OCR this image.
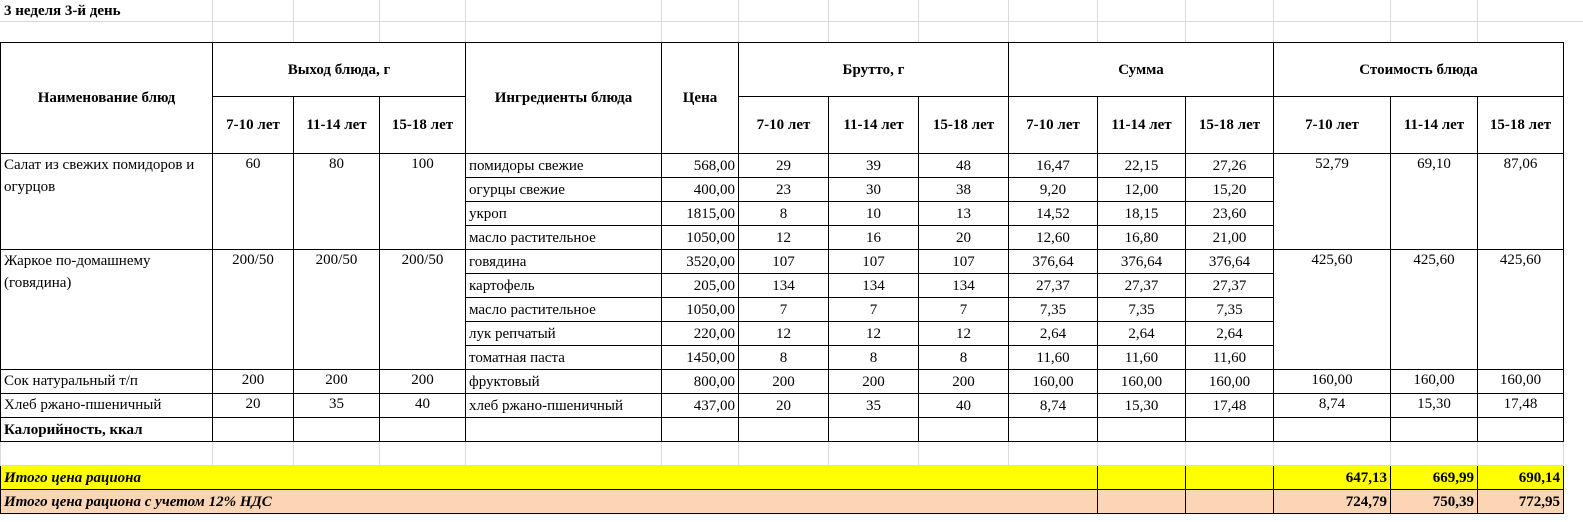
3 неделя 3-й день
Наименование блюд	Выход блюда, г			Ингредиенты блюда	Цена	Брутто, г			Сумма			Стоимость блюда		
	7-10 лет	11-14 лет	15-18 лет			7-10 лет	11-14 лет	15-18 лет	7-10 лет	11-14 лет	15-18 лет	7-10 лет	11-14 лет	15-18 лет
Салат из свежих помидоров и огурцов	60	80	100	помидоры свежие	568,00	29	39	48	16,47	22,15	27,26	52,79	69,10	87,06
				огурцы свежие	400,00	23	30	38	9,20	12,00	15,20			
				укроп	1815,00	8	10	13	14,52	18,15	23,60			
				масло растительное	1050,00	12	16	20	12,60	16,80	21,00			
Жаркое по-домашнему (говядина)	200/50	200/50	200/50	говядина	3520,00	107	107	107	376,64	376,64	376,64	425,60	425,60	425,60
				картофель	205,00	134	134	134	27,37	27,37	27,37			
				масло растительное	1050,00	7	7	7	7,35	7,35	7,35			
				лук репчатый	220,00	12	12	12	2,64	2,64	2,64			
				томатная паста	1450,00	8	8	8	11,60	11,60	11,60			
Сок натуральный т/п	200	200	200	фруктовый	800,00	200	200	200	160,00	160,00	160,00	160,00	160,00	160,00
Хлеб ржано-пшеничный	20	35	40	хлеб ржано-пшеничный	437,00	20	35	40	8,74	15,30	17,48	8,74	15,30	17,48
Калорийность, ккал														

Итого цена рациона												647,13	669,99	690,14
Итого цена рациона с учетом 12% НДС												724,79	750,39	772,95
